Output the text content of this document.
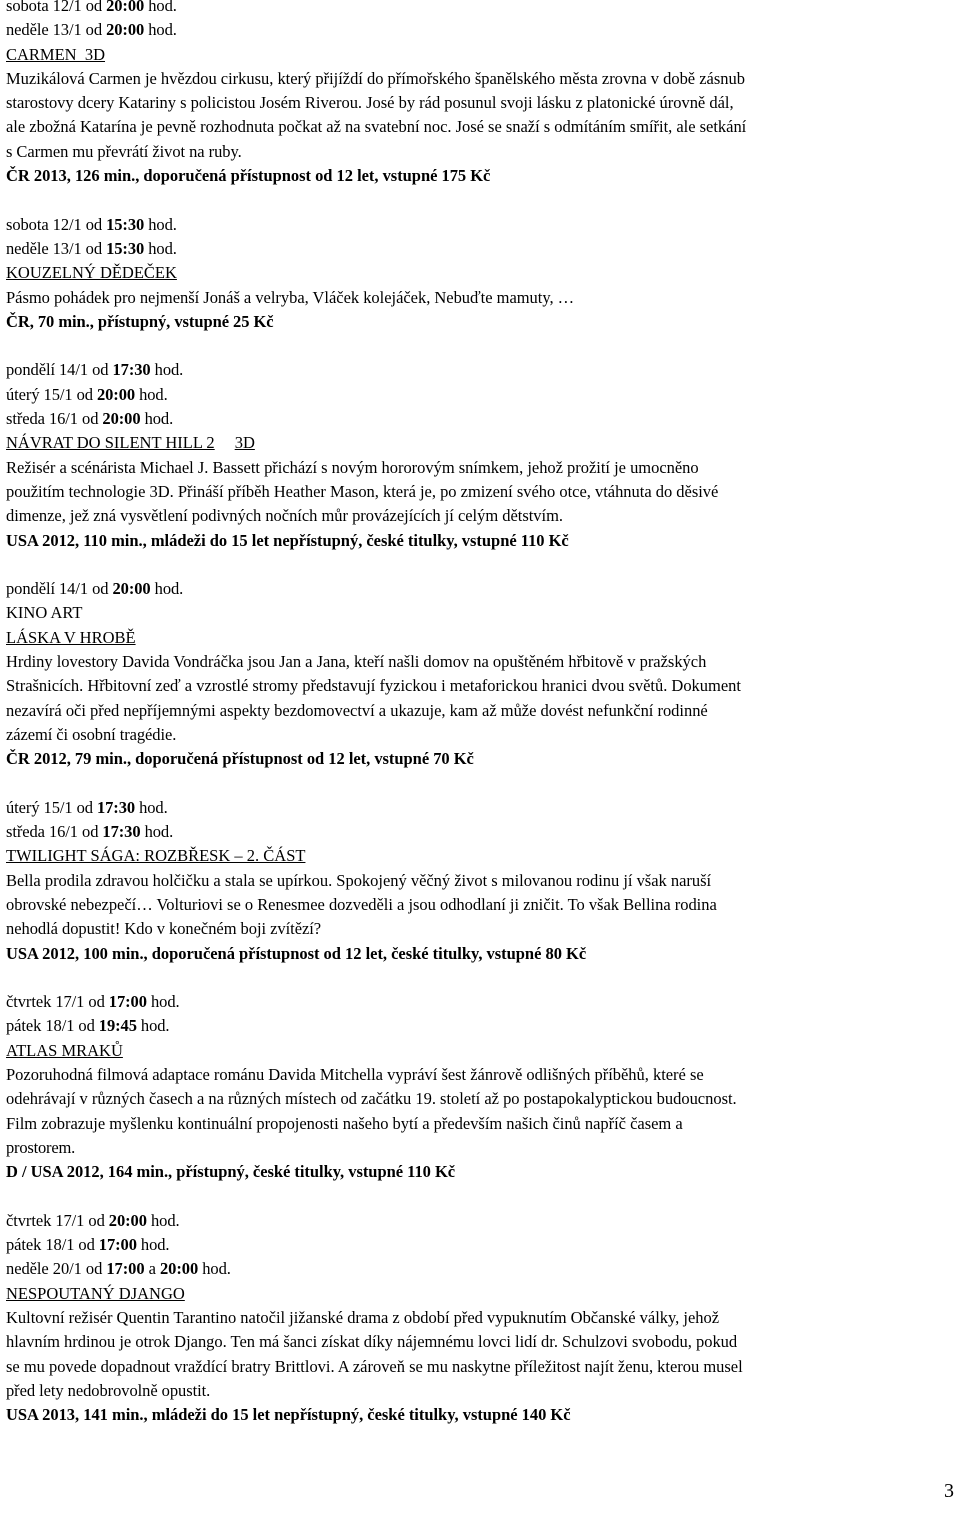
sobota 12/1 od 20:00 hod.
neděle 13/1 od 20:00 hod.
CARMEN  3D
Muzikálová Carmen je hvězdou cirkusu, který přijíždí do přímořského španělského města zrovna v době zásnub
starostovy dcery Katariny s policistou Josém Riverou. José by rád posunul svoji lásku z platonické úrovně dál,
ale zbožná Katarína je pevně rozhodnuta počkat až na svatební noc. José se snaží s odmítáním smířit, ale setkání
s Carmen mu převrátí život na ruby.
ČR 2013, 126 min., doporučená přístupnost od 12 let, vstupné 175 Kč
sobota 12/1 od 15:30 hod.
neděle 13/1 od 15:30 hod.
KOUZELNÝ DĚDEČEK
Pásmo pohádek pro nejmenší Jonáš a velryba, Vláček kolejáček, Nebuďte mamuty, …
ČR, 70 min., přístupný, vstupné 25 Kč
pondělí 14/1 od 17:30 hod.
úterý 15/1 od 20:00 hod.
středa 16/1 od 20:00 hod.
NÁVRAT DO SILENT HILL 2 3D
Režisér a scénárista Michael J. Bassett přichází s novým hororovým snímkem, jehož prožití je umocněno
použitím technologie 3D. Přináší příběh Heather Mason, která je, po zmizení svého otce, vtáhnuta do děsivé
dimenze, jež zná vysvětlení podivných nočních můr provázejících jí celým dětstvím.
USA 2012, 110 min., mládeži do 15 let nepřístupný, české titulky, vstupné 110 Kč
pondělí 14/1 od 20:00 hod.
KINO ART
LÁSKA V HROBĚ
Hrdiny lovestory Davida Vondráčka jsou Jan a Jana, kteří našli domov na opuštěném hřbitově v pražských
Strašnicích. Hřbitovní zeď a vzrostlé stromy představují fyzickou i metaforickou hranici dvou světů. Dokument
nezavírá oči před nepříjemnými aspekty bezdomovectví a ukazuje, kam až může dovést nefunkční rodinné
zázemí či osobní tragédie.
ČR 2012, 79 min., doporučená přístupnost od 12 let, vstupné 70 Kč
úterý 15/1 od 17:30 hod.
středa 16/1 od 17:30 hod.
TWILIGHT SÁGA: ROZBŘESK – 2. ČÁST
Bella prodila zdravou holčičku a stala se upírkou. Spokojený věčný život s milovanou rodinu jí však naruší
obrovské nebezpečí… Volturiovi se o Renesmee dozveděli a jsou odhodlaní ji zničit. To však Bellina rodina
nehodlá dopustit! Kdo v konečném boji zvítězí?
USA 2012, 100 min., doporučená přístupnost od 12 let, české titulky, vstupné 80 Kč
čtvrtek 17/1 od 17:00 hod.
pátek 18/1 od 19:45 hod.
ATLAS MRAKŮ
Pozoruhodná filmová adaptace románu Davida Mitchella vypráví šest žánrově odlišných příběhů, které se
odehrávají v různých časech a na různých místech od začátku 19. století až po postapokalyptickou budoucnost.
Film zobrazuje myšlenku kontinuální propojenosti našeho bytí a především našich činů napříč časem a
prostorem.
D / USA 2012, 164 min., přístupný, české titulky, vstupné 110 Kč
čtvrtek 17/1 od 20:00 hod.
pátek 18/1 od 17:00 hod.
neděle 20/1 od 17:00 a 20:00 hod.
NESPOUTANÝ DJANGO
Kultovní režisér Quentin Tarantino natočil jižanské drama z období před vypuknutím Občanské války, jehož
hlavním hrdinou je otrok Django. Ten má šanci získat díky nájemnému lovci lidí dr. Schulzovi svobodu, pokud
se mu povede dopadnout vraždící bratry Brittlovi. A zároveň se mu naskytne příležitost najít ženu, kterou musel
před lety nedobrovolně opustit.
USA 2013, 141 min., mládeži do 15 let nepřístupný, české titulky, vstupné 140 Kč
3
